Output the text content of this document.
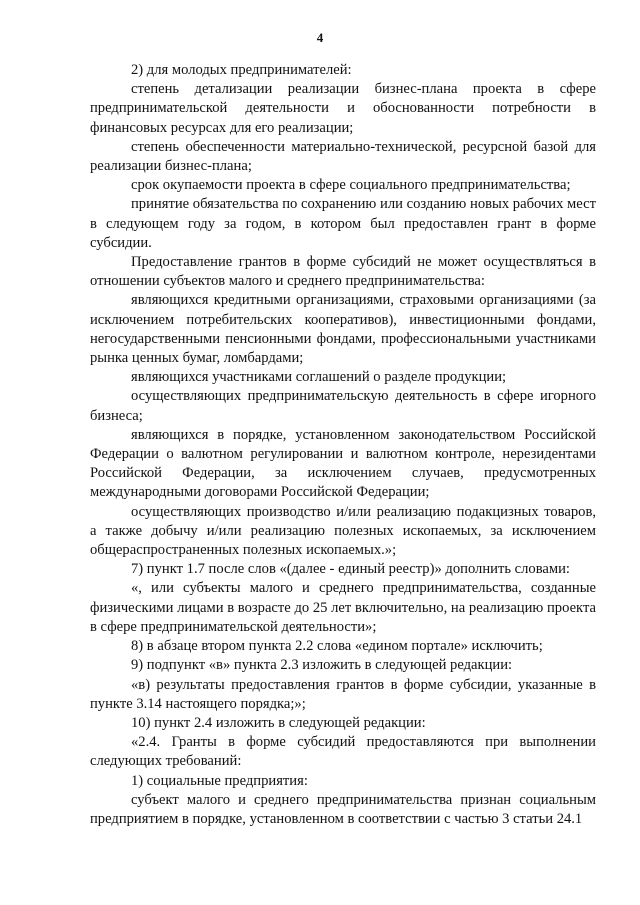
4

2) для молодых предпринимателей:

степень детализации реализации бизнес-плана проекта в сфере предпринимательской деятельности и обоснованности потребности в финансовых ресурсах для его реализации;

степень обеспеченности материально-технической, ресурсной базой для реализации бизнес-плана;

срок окупаемости проекта в сфере социального предпринимательства;

принятие обязательства по сохранению или созданию новых рабочих мест в следующем году за годом, в котором был предоставлен грант в форме субсидии.

Предоставление грантов в форме субсидий не может осуществляться в отношении субъектов малого и среднего предпринимательства:

являющихся кредитными организациями, страховыми организациями (за исключением потребительских кооперативов), инвестиционными фондами, негосударственными пенсионными фондами, профессиональными участниками рынка ценных бумаг, ломбардами;

являющихся участниками соглашений о разделе продукции;

осуществляющих предпринимательскую деятельность в сфере игорного бизнеса;

являющихся в порядке, установленном законодательством Российской Федерации о валютном регулировании и валютном контроле, нерезидентами Российской Федерации, за исключением случаев, предусмотренных международными договорами Российской Федерации;

осуществляющих производство и/или реализацию подакцизных товаров, а также добычу и/или реализацию полезных ископаемых, за исключением общераспространенных полезных ископаемых.»;

7) пункт 1.7 после слов «(далее - единый реестр)» дополнить словами:

«, или субъекты малого и среднего предпринимательства, созданные физическими лицами в возрасте до 25 лет включительно, на реализацию проекта в сфере предпринимательской деятельности»;

8) в абзаце втором пункта 2.2 слова «едином портале» исключить;

9) подпункт «в» пункта 2.3 изложить в следующей редакции:

«в) результаты предоставления грантов в форме субсидии, указанные в пункте 3.14 настоящего порядка;»;

10) пункт 2.4 изложить в следующей редакции:

«2.4. Гранты в форме субсидий предоставляются при выполнении следующих требований:

1) социальные предприятия:

субъект малого и среднего предпринимательства признан социальным предприятием в порядке, установленном в соответствии с частью 3 статьи 24.1
